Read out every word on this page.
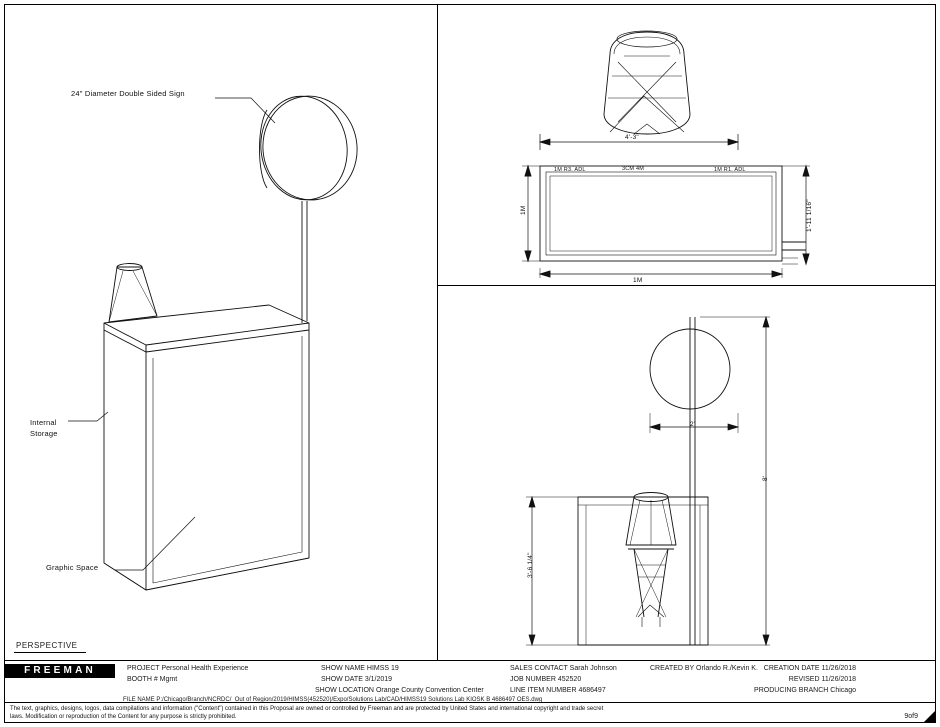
24" Diameter Double Sided Sign
Internal
Storage
Graphic Space
PERSPECTIVE
4'-3"
1M R3. ADL	3CM 4M	1M R1. ADL
1M
1M
1'-11 1/16"
2'
8'
3'-6 1/4"
FREEMAN	PROJECT Personal Health Experience
BOOTH # Mgmt
SHOW NAME HIMSS 19
SHOW DATE 3/1/2019
SHOW LOCATION Orange County Convention Center
SALES CONTACT Sarah Johnson
JOB NUMBER 452520
LINE ITEM NUMBER 4686497
CREATED BY Orlando R./Kevin K. CREATION DATE 11/26/2018
REVISED 11/26/2018
PRODUCING BRANCH Chicago
FILE NAME P:/Chicago/Branch/NCRDC/_Out of Region/2019/HIMSS(452520)/Expo/Solutions Lab/CAD/HIMSS19 Solutions Lab KIOSK B 4686497 OES.dwg
The text, graphics, designs, logos, data compilations and information ("Content") contained in this Proposal are owned or controlled by Freeman and are protected by United States and international copyright and trade secret
laws. Modification or reproduction of the Content for any purpose is strictly prohibited.	9of9
